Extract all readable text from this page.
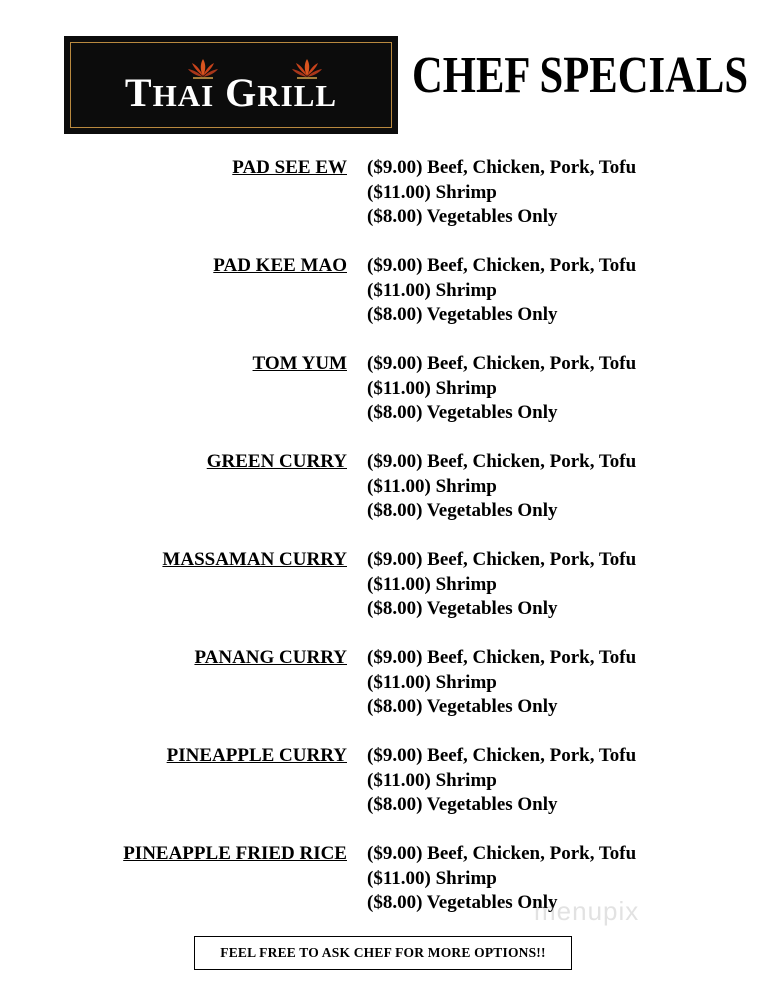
THAI GRILL CHEF SPECIALS
PAD SEE EW ($9.00) Beef, Chicken, Pork, Tofu
($11.00) Shrimp
($8.00) Vegetables Only
PAD KEE MAO ($9.00) Beef, Chicken, Pork, Tofu
($11.00) Shrimp
($8.00) Vegetables Only
TOM YUM ($9.00) Beef, Chicken, Pork, Tofu
($11.00) Shrimp
($8.00) Vegetables Only
GREEN CURRY ($9.00) Beef, Chicken, Pork, Tofu
($11.00) Shrimp
($8.00) Vegetables Only
MASSAMAN CURRY ($9.00) Beef, Chicken, Pork, Tofu
($11.00) Shrimp
($8.00) Vegetables Only
PANANG CURRY ($9.00) Beef, Chicken, Pork, Tofu
($11.00) Shrimp
($8.00) Vegetables Only
PINEAPPLE CURRY ($9.00) Beef, Chicken, Pork, Tofu
($11.00) Shrimp
($8.00) Vegetables Only
PINEAPPLE FRIED RICE ($9.00) Beef, Chicken, Pork, Tofu
($11.00) Shrimp
($8.00) Vegetables Only
menupix
FEEL FREE TO ASK CHEF FOR MORE OPTIONS!!
